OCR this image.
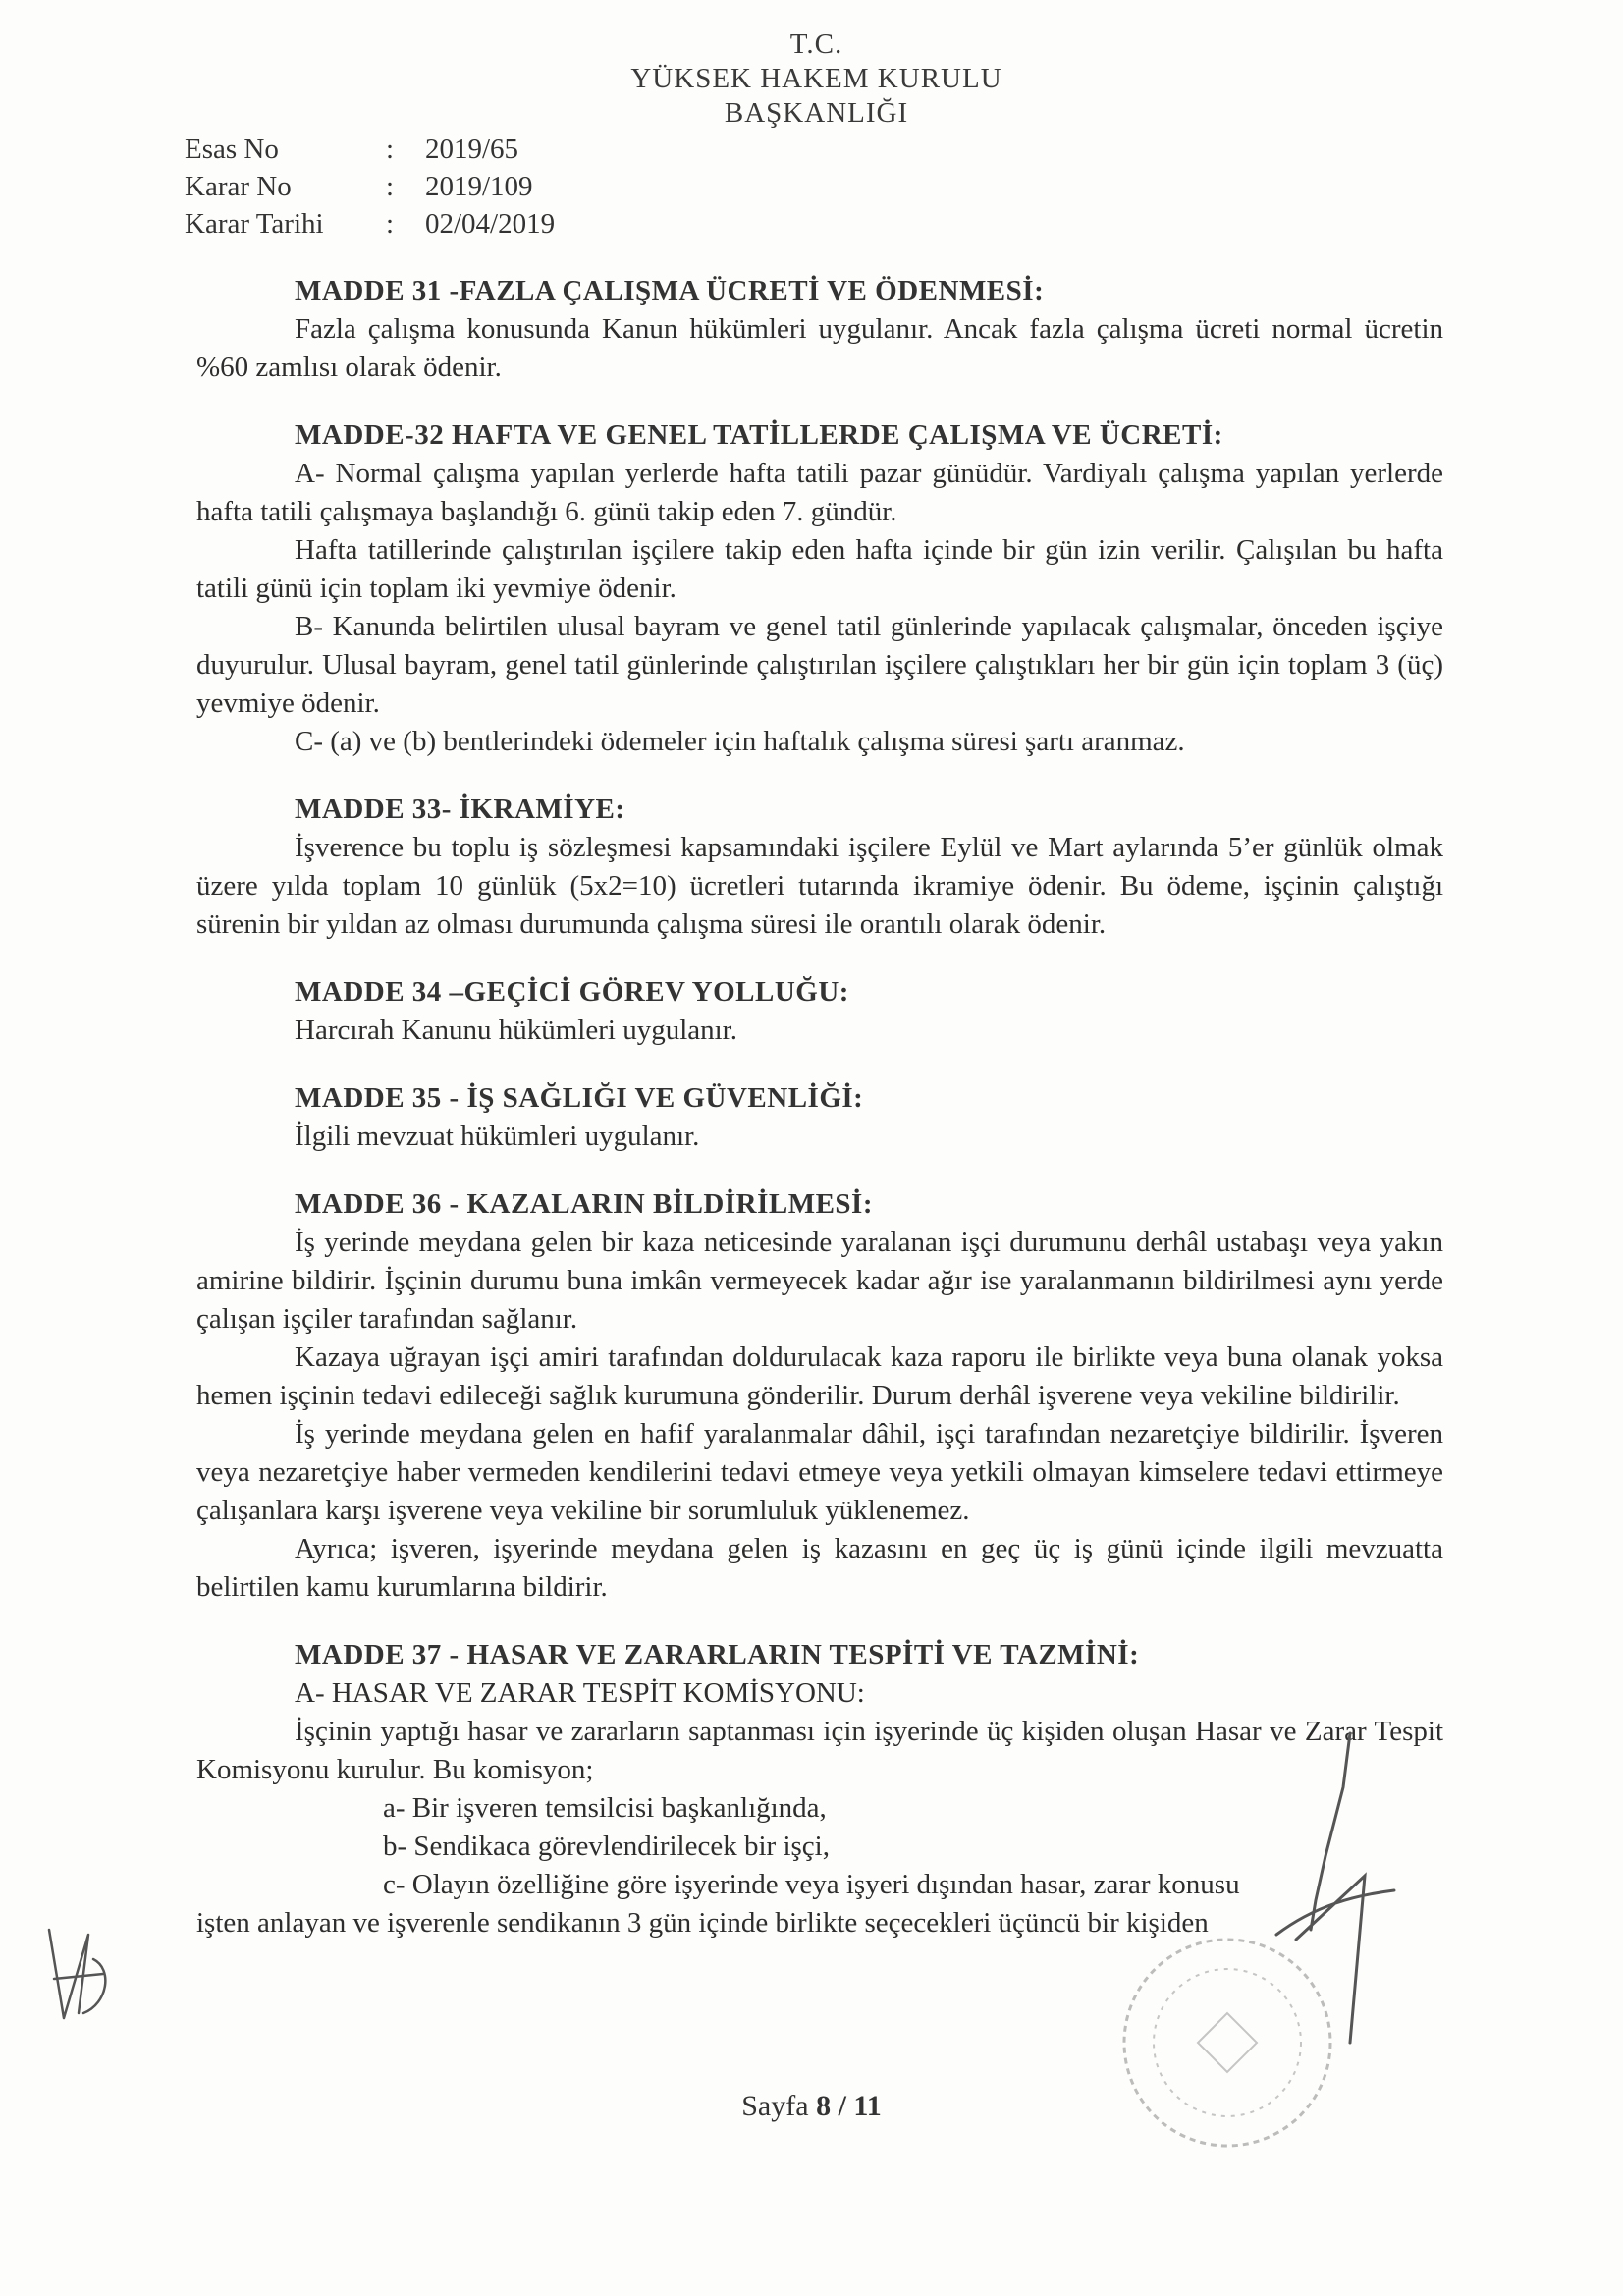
T.C.
YÜKSEK HAKEM KURULU
BAŞKANLIĞI
Esas No	:	2019/65
Karar No	:	2019/109
Karar Tarihi	:	02/04/2019
MADDE 31 -FAZLA ÇALIŞMA ÜCRETİ VE ÖDENMESİ:
Fazla çalışma konusunda Kanun hükümleri uygulanır. Ancak fazla çalışma ücreti normal ücretin %60 zamlısı olarak ödenir.
MADDE-32 HAFTA VE GENEL TATİLLERDE ÇALIŞMA VE ÜCRETİ:
A- Normal çalışma yapılan yerlerde hafta tatili pazar günüdür. Vardiyalı çalışma yapılan yerlerde hafta tatili çalışmaya başlandığı 6. günü takip eden 7. gündür.
Hafta tatillerinde çalıştırılan işçilere takip eden hafta içinde bir gün izin verilir. Çalışılan bu hafta tatili günü için toplam iki yevmiye ödenir.
B- Kanunda belirtilen ulusal bayram ve genel tatil günlerinde yapılacak çalışmalar, önceden işçiye duyurulur. Ulusal bayram, genel tatil günlerinde çalıştırılan işçilere çalıştıkları her bir gün için toplam 3 (üç) yevmiye ödenir.
C- (a) ve (b) bentlerindeki ödemeler için haftalık çalışma süresi şartı aranmaz.
MADDE 33- İKRAMİYE:
İşverence bu toplu iş sözleşmesi kapsamındaki işçilere Eylül ve Mart aylarında 5’er günlük olmak üzere yılda toplam 10 günlük (5x2=10) ücretleri tutarında ikramiye ödenir. Bu ödeme, işçinin çalıştığı sürenin bir yıldan az olması durumunda çalışma süresi ile orantılı olarak ödenir.
MADDE 34 –GEÇİCİ GÖREV YOLLUĞU:
Harcırah Kanunu hükümleri uygulanır.
MADDE 35 - İŞ SAĞLIĞI VE GÜVENLİĞİ:
İlgili mevzuat hükümleri uygulanır.
MADDE 36 - KAZALARIN BİLDİRİLMESİ:
İş yerinde meydana gelen bir kaza neticesinde yaralanan işçi durumunu derhâl ustabaşı veya yakın amirine bildirir. İşçinin durumu buna imkân vermeyecek kadar ağır ise yaralanmanın bildirilmesi aynı yerde çalışan işçiler tarafından sağlanır.
Kazaya uğrayan işçi amiri tarafından doldurulacak kaza raporu ile birlikte veya buna olanak yoksa hemen işçinin tedavi edileceği sağlık kurumuna gönderilir. Durum derhâl işverene veya vekiline bildirilir.
İş yerinde meydana gelen en hafif yaralanmalar dâhil, işçi tarafından nezaretçiye bildirilir. İşveren veya nezaretçiye haber vermeden kendilerini tedavi etmeye veya yetkili olmayan kimselere tedavi ettirmeye çalışanlara karşı işverene veya vekiline bir sorumluluk yüklenemez.
Ayrıca; işveren, işyerinde meydana gelen iş kazasını en geç üç iş günü içinde ilgili mevzuatta belirtilen kamu kurumlarına bildirir.
MADDE 37 - HASAR VE ZARARLARIN TESPİTİ VE TAZMİNİ:
A- HASAR VE ZARAR TESPİT KOMİSYONU:
İşçinin yaptığı hasar ve zararların saptanması için işyerinde üç kişiden oluşan Hasar ve Zarar Tespit Komisyonu kurulur. Bu komisyon;
a- Bir işveren temsilcisi başkanlığında,
b- Sendikaca görevlendirilecek bir işçi,
c- Olayın özelliğine göre işyerinde veya işyeri dışından hasar, zarar konusu
işten anlayan ve işverenle sendikanın 3 gün içinde birlikte seçecekleri üçüncü bir kişiden
Sayfa 8 / 11
